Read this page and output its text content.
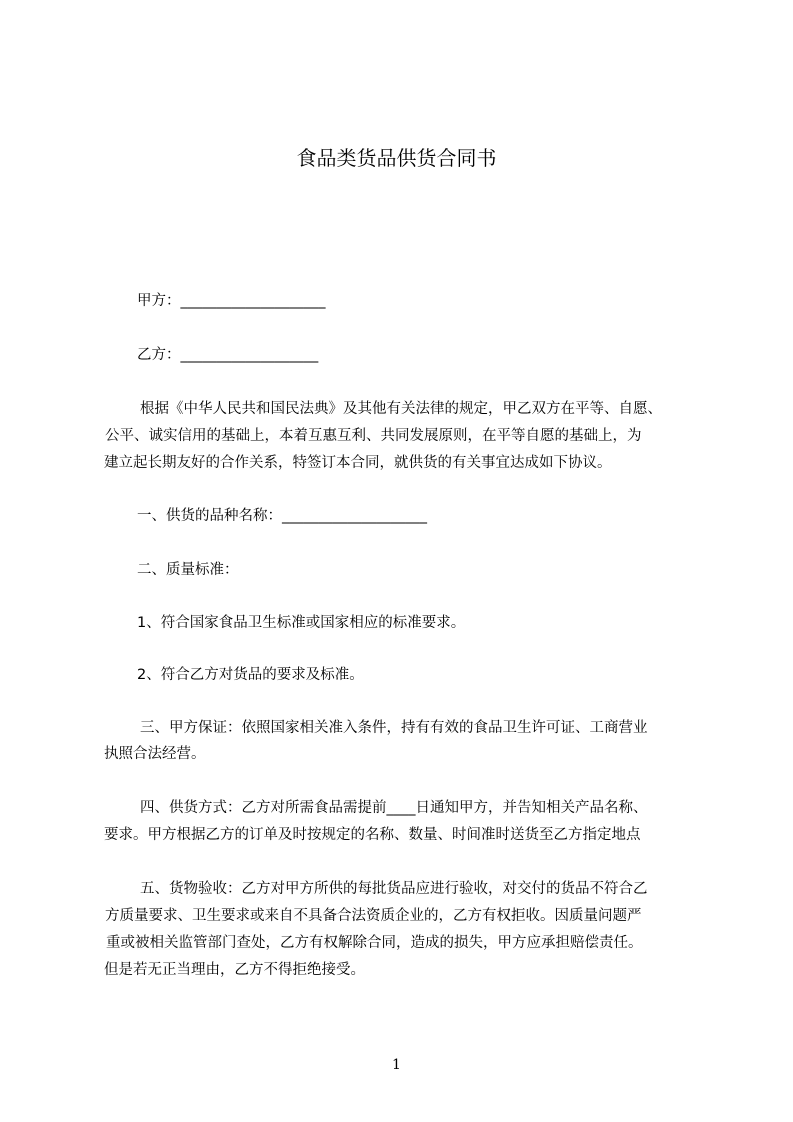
食品类货品供货合同书
甲方：____________________
乙方：___________________
根据《中华人民共和国民法典》及其他有关法律的规定，甲乙双方在平等、自愿、
公平、诚实信用的基础上，本着互惠互利、共同发展原则，在平等自愿的基础上，为
建立起长期友好的合作关系，特签订本合同，就供货的有关事宜达成如下协议。
一、供货的品种名称：____________________
二、质量标准：
1、符合国家食品卫生标准或国家相应的标准要求。
2、符合乙方对货品的要求及标准。
三、甲方保证：依照国家相关准入条件，持有有效的食品卫生许可证、工商营业
执照合法经营。
四、供货方式：乙方对所需食品需提前____日通知甲方，并告知相关产品名称、
要求。甲方根据乙方的订单及时按规定的名称、数量、时间准时送货至乙方指定地点
五、货物验收：乙方对甲方所供的每批货品应进行验收，对交付的货品不符合乙
方质量要求、卫生要求或来自不具备合法资质企业的，乙方有权拒收。因质量问题严
重或被相关监管部门查处，乙方有权解除合同，造成的损失，甲方应承担赔偿责任。
但是若无正当理由，乙方不得拒绝接受。
1
